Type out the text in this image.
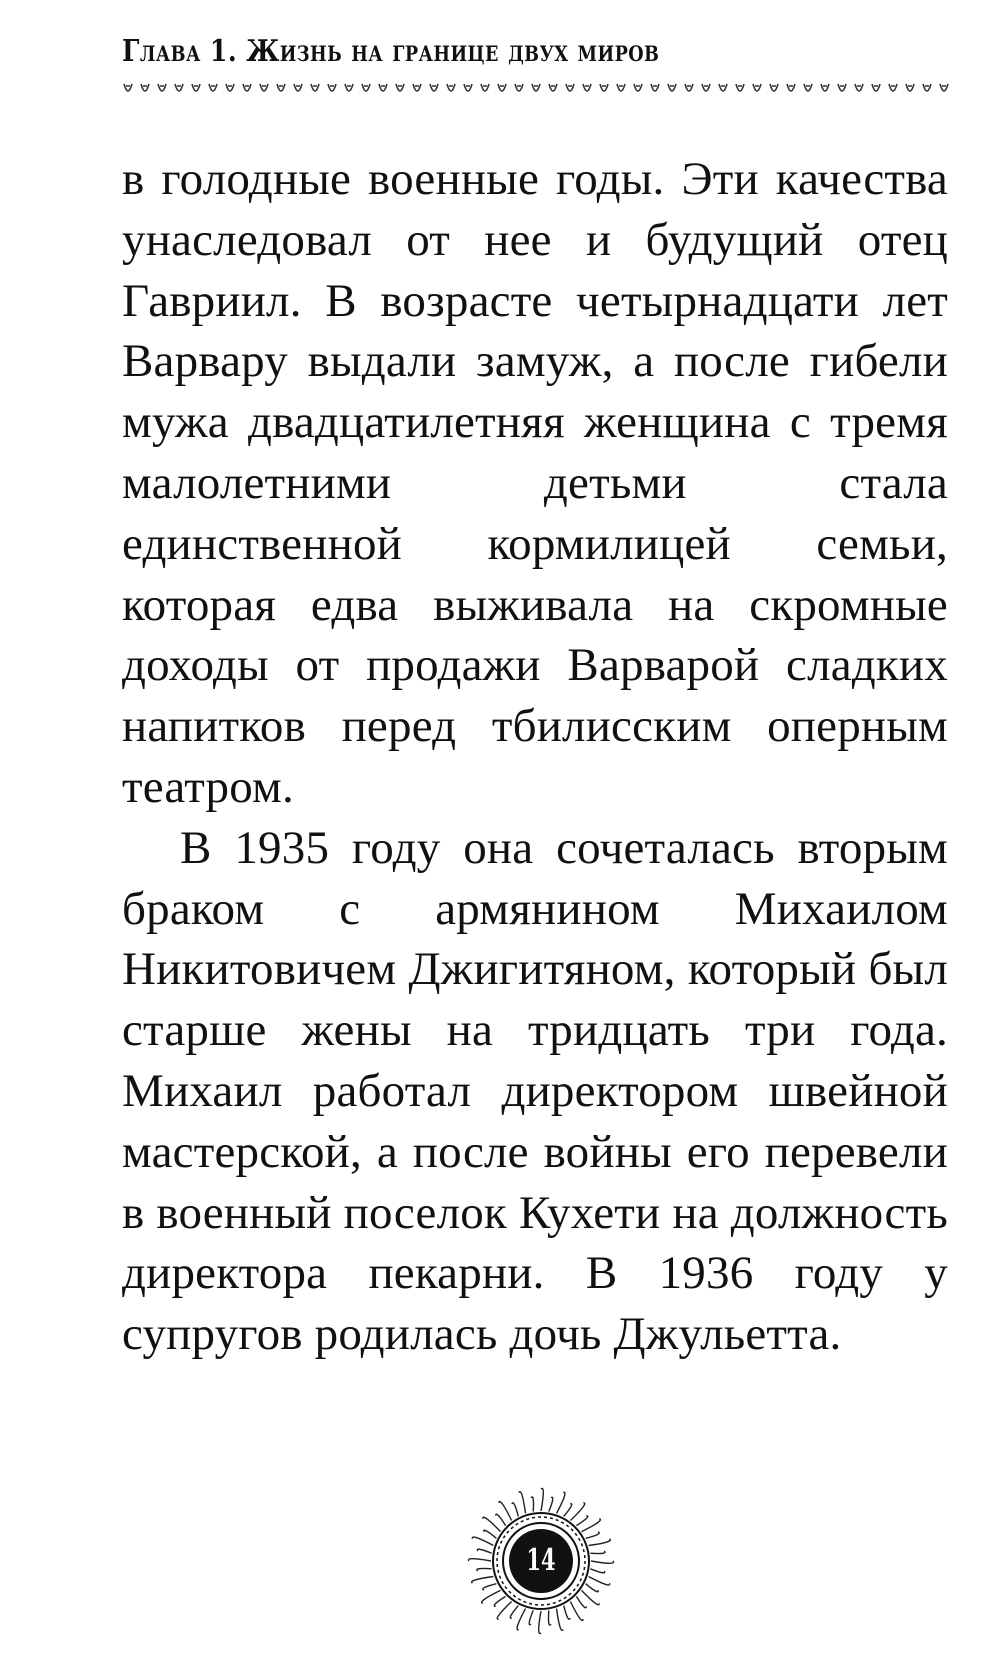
Глава 1. Жизнь на границе двух миров

в голодные военные годы. Эти качества унаследовал от нее и будущий отец Гавриил. В возрасте четырнадцати лет Варвару выдали замуж, а после гибели мужа двадцатилетняя женщина с тремя малолетними детьми стала единственной кормилицей семьи, которая едва выживала на скромные доходы от продажи Варварой сладких напитков перед тбилисским оперным театром.

В 1935 году она сочеталась вторым браком с армянином Михаилом Никитовичем Джигитяном, который был старше жены на тридцать три года. Михаил работал директором швейной мастерской, а после войны его перевели в военный поселок Кухети на должность директора пекарни. В 1936 году у супругов родилась дочь Джульетта.

14
